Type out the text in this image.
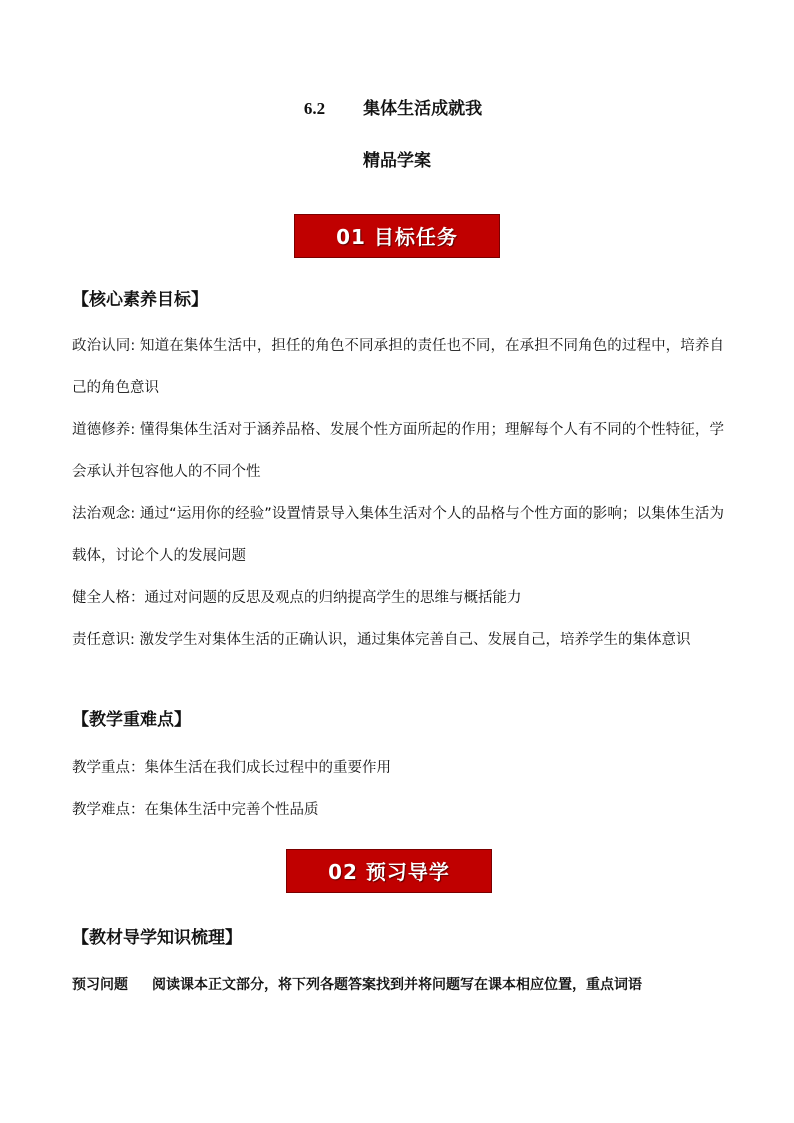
6.2 集体生活成就我
精品学案
01 目标任务
【核心素养目标】

政治认同: 知道在集体生活中，担任的角色不同承担的责任也不同，在承担不同角色的过程中，培养自己的角色意识

道德修养: 懂得集体生活对于涵养品格、发展个性方面所起的作用；理解每个人有不同的个性特征，学会承认并包容他人的不同个性

法治观念: 通过“运用你的经验”设置情景导入集体生活对个人的品格与个性方面的影响；以集体生活为载体，讨论个人的发展问题

健全人格：通过对问题的反思及观点的归纳提高学生的思维与概括能力

责任意识: 激发学生对集体生活的正确认识，通过集体完善自己、发展自己，培养学生的集体意识

【教学重难点】

教学重点：集体生活在我们成长过程中的重要作用

教学难点：在集体生活中完善个性品质

02 预习导学
【教材导学知识梳理】
预习问题 阅读课本正文部分，将下列各题答案找到并将问题写在课本相应位置，重点词语
